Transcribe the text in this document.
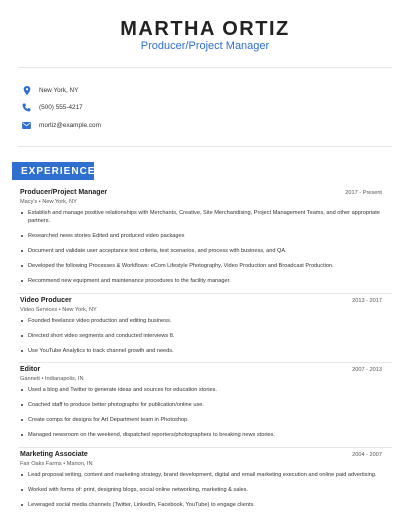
MARTHA ORTIZ
Producer/Project Manager
New York, NY
(500) 555-4217
mortiz@example.com
EXPERIENCE
Producer/Project Manager	2017 - Present
Macy's • New York, NY
Establish and manage positive relationships with Merchants, Creative, Site Merchandising, Project Management Teams, and other appropriate partners.
Researched news stories Edited and produced video packages
Document and validate user acceptance test criteria, test scenarios, and process with business, and QA.
Developed the following Processes & Workflows: eCom Lifestyle Photography, Video Production and Broadcast Production.
Recommend new equipment and maintenance procedures to the facility manager.
Video Producer	2013 - 2017
Video Services • New York, NY
Founded freelance video production and editing business.
Directed short video segments and conducted interviews 8.
Use YouTube Analytics to track channel growth and needs.
Editor	2007 - 2013
Gannett • Indianapolis, IN
Used a blog and Twitter to generate ideas and sources for education stories.
Coached staff to produce better photographs for publication/online use.
Create comps for designs for Art Department team in Photoshop.
Managed newsroom on the weekend, dispatched reporters/photographers to breaking news stories.
Marketing Associate	2004 - 2007
Fair Oaks Farms • Marion, IN
Lead proposal writing, content and marketing strategy, brand development, digital and email marketing execution and online paid advertising.
Worked with forms of: print, designing blogs, social online networking, marketing & sales.
Leveraged social media channels (Twitter, LinkedIn, Facebook, YouTube) to engage clients.
